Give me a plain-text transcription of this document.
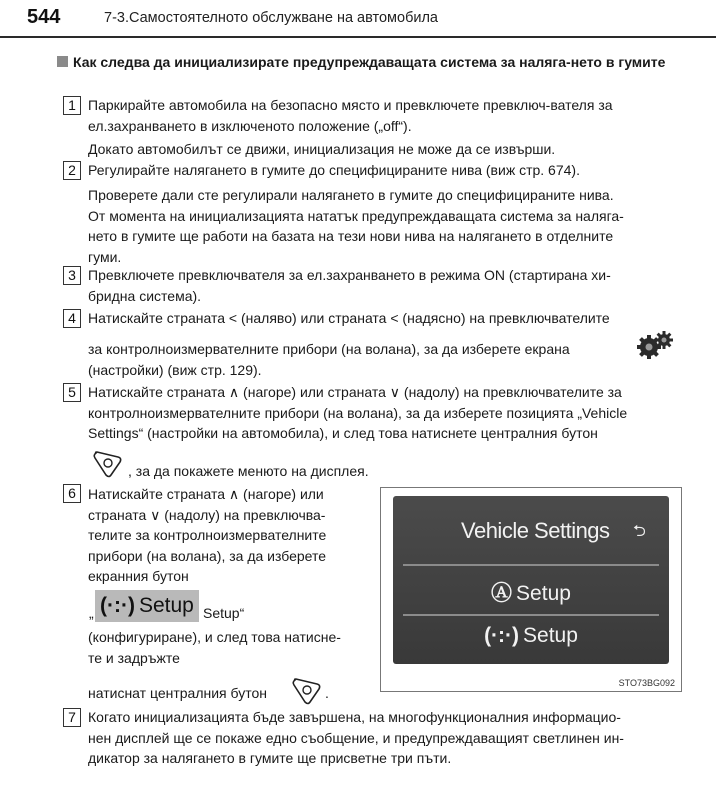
544	7-3.Самостоятелното обслужване на автомобила
Как следва да инициализирате предупреждаващата система за наляга-нето в гумите
1 Паркирайте автомобила на безопасно място и превключете превключ-вателя за
ел.захранването в изключеното положение („off“).
Докато автомобилът се движи, инициализация не може да се извърши.
2 Регулирайте налягането в гумите до специфицираните нива (виж стр. 674).
Проверете дали сте регулирали налягането в гумите до специфицираните нива.
От момента на инициализацията нататък предупреждаващата система за наляга-
нето в гумите ще работи на базата на тези нови нива на налягането в отделните
гуми.
3 Превключете превключвателя за ел.захранването в режима ON (стартирана хи-
бридна система).
4 Натискайте страната < (наляво) или страната < (надясно) на превключвателите
за контролноизмервателните прибори (на волана), за да изберете екрана
(настройки) (виж стр. 129).
5 Натискайте страната ∧ (нагоре) или страната ∨ (надолу) на превключвателите за
контролноизмервателните прибори (на волана), за да изберете позицията „Vehicle
Settings“ (настройки на автомобила), и след това натиснете централния бутон
, за да покажете менюто на дисплея.
6 Натискайте страната ∧ (нагоре) или
страната ∨ (надолу) на превключва-
телите за контролноизмервателните
прибори (на волана), за да изберете
екранния бутон
„ (·:·) Setup Setup“
(конфигуриране), и след това натисне-
те и задръжте
натиснат централния бутон	.
Vehicle Settings ⮌
Ⓐ Setup
(·:·) Setup
STO73BG092
7 Когато инициализацията бъде завършена, на многофункционалния информацио-
нен дисплей ще се покаже едно съобщение, и предупреждаващият светлинен ин-
дикатор за налягането в гумите ще присветне три пъти.
